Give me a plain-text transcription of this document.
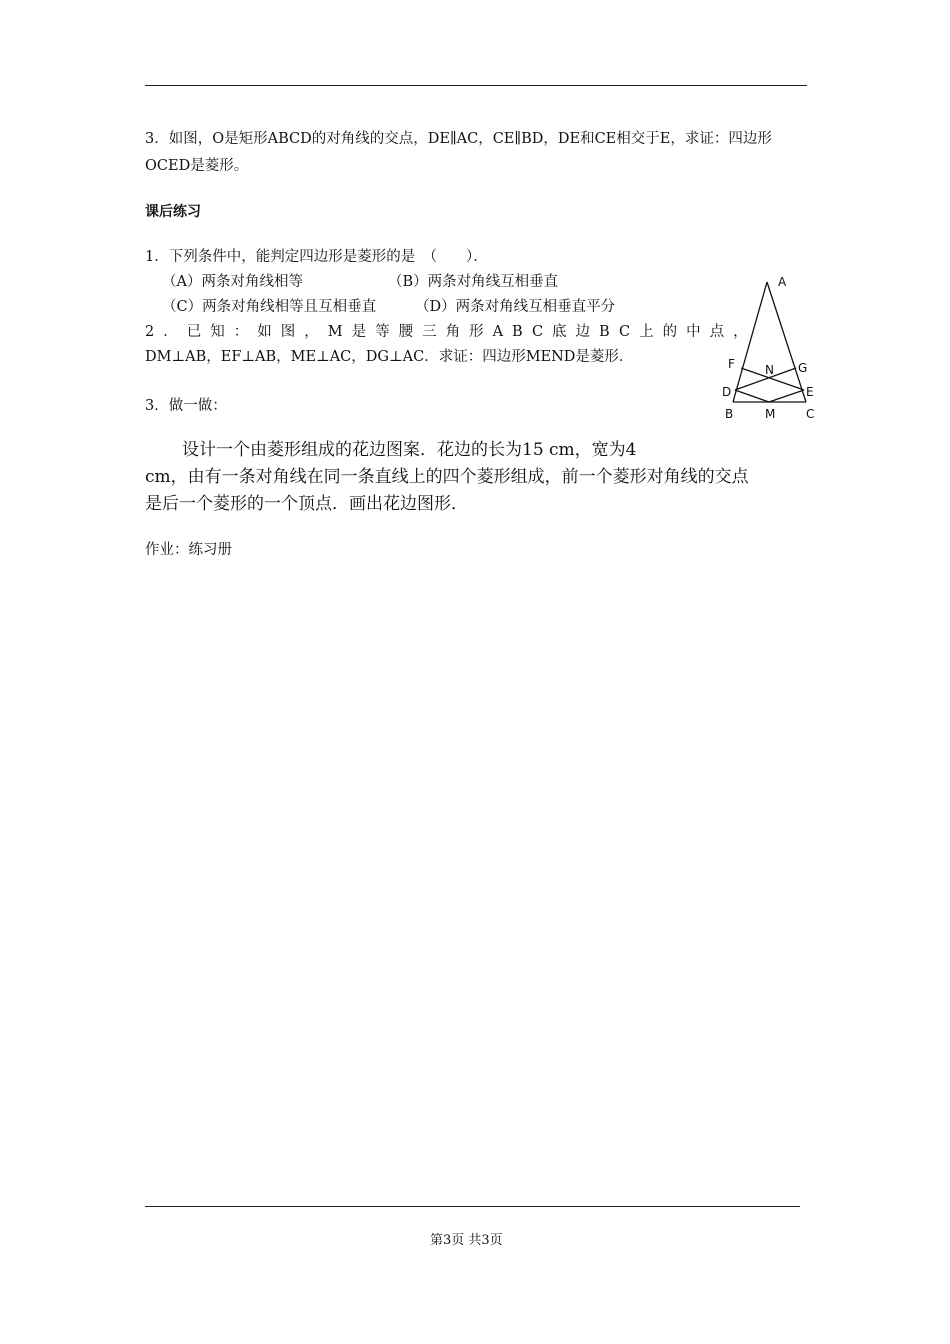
3．如图，O是矩形ABCD的对角线的交点，DE∥AC，CE∥BD，DE和CE相交于E，求证：四边形
OCED是菱形。
课后练习
1．下列条件中，能判定四边形是菱形的是　（　　）．
（A）两条对角线相等	（B）两条对角线互相垂直
（C）两条对角线相等且互相垂直	（D）两条对角线互相垂直平分
2．已知：如图，M是等腰三角形ABC底边BC上的中点，
DM⊥AB，EF⊥AB，ME⊥AC，DG⊥AC．求证：四边形MEND是菱形．
3．做一做：
设计一个由菱形组成的花边图案．花边的长为15 cm，宽为4
cm，由有一条对角线在同一条直线上的四个菱形组成，前一个菱形对角线的交点
是后一个菱形的一个顶点．画出花边图形．
作业：练习册
A
F	N G
D	E
B	M	C
第3页 共3页
